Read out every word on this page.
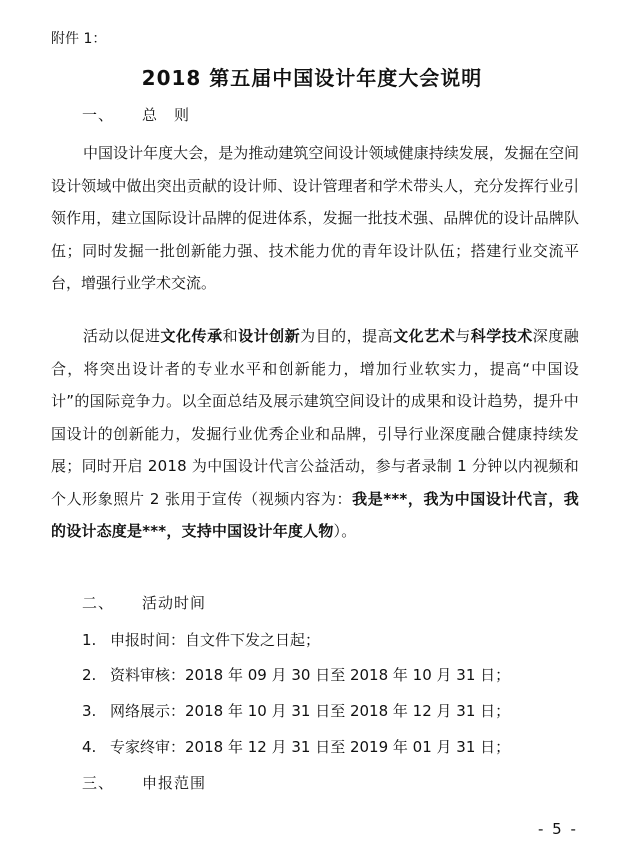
附件 1：
2018 第五届中国设计年度大会说明
一、 总　则

中国设计年度大会，是为推动建筑空间设计领域健康持续发展，发掘在空间设计领域中做出突出贡献的设计师、设计管理者和学术带头人，充分发挥行业引领作用，建立国际设计品牌的促进体系，发掘一批技术强、品牌优的设计品牌队伍；同时发掘一批创新能力强、技术能力优的青年设计队伍；搭建行业交流平台，增强行业学术交流。

活动以促进文化传承和设计创新为目的，提高文化艺术与科学技术深度融合，将突出设计者的专业水平和创新能力，增加行业软实力，提高“中国设计”的国际竞争力。以全面总结及展示建筑空间设计的成果和设计趋势，提升中国设计的创新能力，发掘行业优秀企业和品牌，引导行业深度融合健康持续发展；同时开启 2018 为中国设计代言公益活动，参与者录制 1 分钟以内视频和个人形象照片 2 张用于宣传（视频内容为：我是***，我为中国设计代言，我的设计态度是***，支持中国设计年度人物）。

二、 活动时间
1. 申报时间：自文件下发之日起；
2. 资料审核：2018 年 09 月 30 日至 2018 年 10 月 31 日；
3. 网络展示：2018 年 10 月 31 日至 2018 年 12 月 31 日；
4. 专家终审：2018 年 12 月 31 日至 2019 年 01 月 31 日；
三、 申报范围
- 5 -
